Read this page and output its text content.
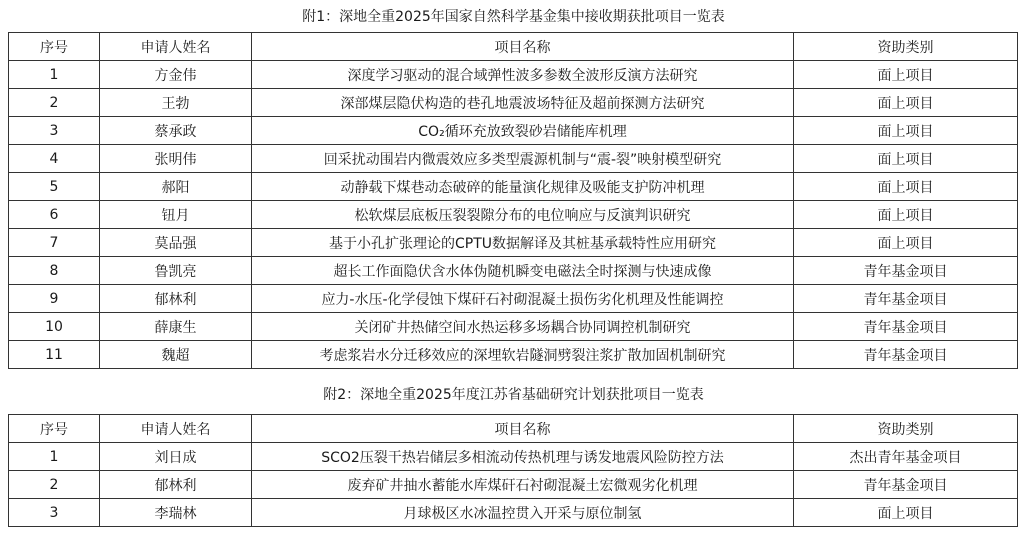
附1：深地全重2025年国家自然科学基金集中接收期获批项目一览表
序号	申请人姓名	项目名称	资助类别
1	方金伟	深度学习驱动的混合域弹性波多参数全波形反演方法研究	面上项目
2	王勃	深部煤层隐伏构造的巷孔地震波场特征及超前探测方法研究	面上项目
3	蔡承政	CO₂循环充放致裂砂岩储能库机理	面上项目
4	张明伟	回采扰动围岩内微震效应多类型震源机制与“震-裂”映射模型研究	面上项目
5	郝阳	动静载下煤巷动态破碎的能量演化规律及吸能支护防冲机理	面上项目
6	钮月	松软煤层底板压裂裂隙分布的电位响应与反演判识研究	面上项目
7	莫品强	基于小孔扩张理论的CPTU数据解译及其桩基承载特性应用研究	面上项目
8	鲁凯亮	超长工作面隐伏含水体伪随机瞬变电磁法全时探测与快速成像	青年基金项目
9	郁林利	应力-水压-化学侵蚀下煤矸石衬砌混凝土损伤劣化机理及性能调控	青年基金项目
10	薛康生	关闭矿井热储空间水热运移多场耦合协同调控机制研究	青年基金项目
11	魏超	考虑浆岩水分迁移效应的深埋软岩隧洞劈裂注浆扩散加固机制研究	青年基金项目
附2：深地全重2025年度江苏省基础研究计划获批项目一览表
序号	申请人姓名	项目名称	资助类别
1	刘日成	SCO2压裂干热岩储层多相流动传热机理与诱发地震风险防控方法	杰出青年基金项目
2	郁林利	废弃矿井抽水蓄能水库煤矸石衬砌混凝土宏微观劣化机理	青年基金项目
3	李瑞林	月球极区水冰温控贯入开采与原位制氢	面上项目
